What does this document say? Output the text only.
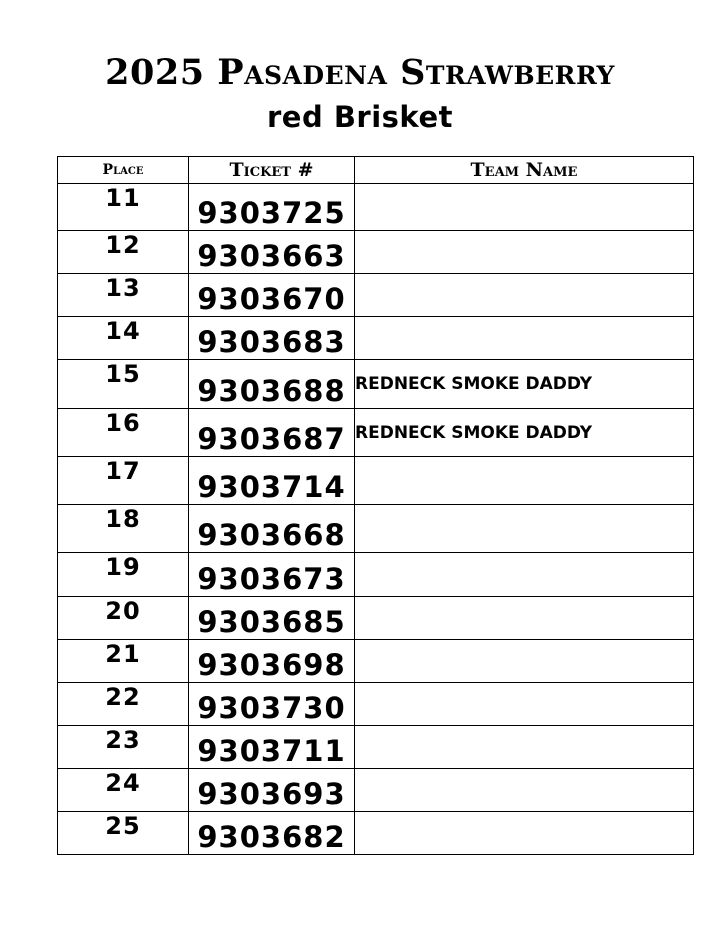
2025 Pasadena Strawberry
red Brisket
Place	Ticket #	Team Name
11	9303725	
12	9303663	
13	9303670	
14	9303683	
15	9303688	REDNECK SMOKE DADDY
16	9303687	REDNECK SMOKE DADDY
17	9303714	
18	9303668	
19	9303673	
20	9303685	
21	9303698	
22	9303730	
23	9303711	
24	9303693	
25	9303682	
